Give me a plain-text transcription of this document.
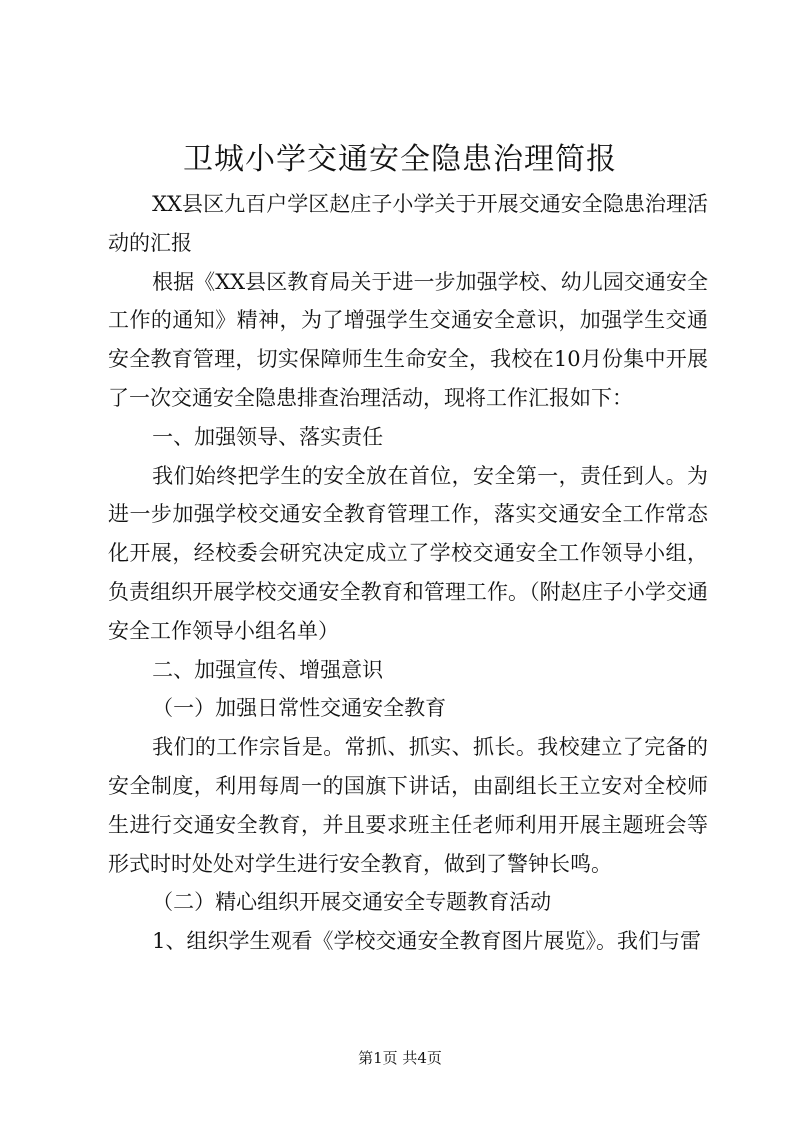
卫城小学交通安全隐患治理简报

XX县区九百户学区赵庄子小学关于开展交通安全隐患治理活动的汇报

根据《XX县区教育局关于进一步加强学校、幼儿园交通安全工作的通知》精神，为了增强学生交通安全意识，加强学生交通安全教育管理，切实保障师生生命安全，我校在10月份集中开展了一次交通安全隐患排查治理活动，现将工作汇报如下：

一、加强领导、落实责任

我们始终把学生的安全放在首位，安全第一，责任到人。为进一步加强学校交通安全教育管理工作，落实交通安全工作常态化开展，经校委会研究决定成立了学校交通安全工作领导小组，负责组织开展学校交通安全教育和管理工作。（附赵庄子小学交通安全工作领导小组名单）

二、加强宣传、增强意识

（一）加强日常性交通安全教育

我们的工作宗旨是。常抓、抓实、抓长。我校建立了完备的安全制度，利用每周一的国旗下讲话，由副组长王立安对全校师生进行交通安全教育，并且要求班主任老师利用开展主题班会等形式时时处处对学生进行安全教育，做到了警钟长鸣。

（二）精心组织开展交通安全专题教育活动

1、组织学生观看《学校交通安全教育图片展览》。我们与雷

第1页 共4页
